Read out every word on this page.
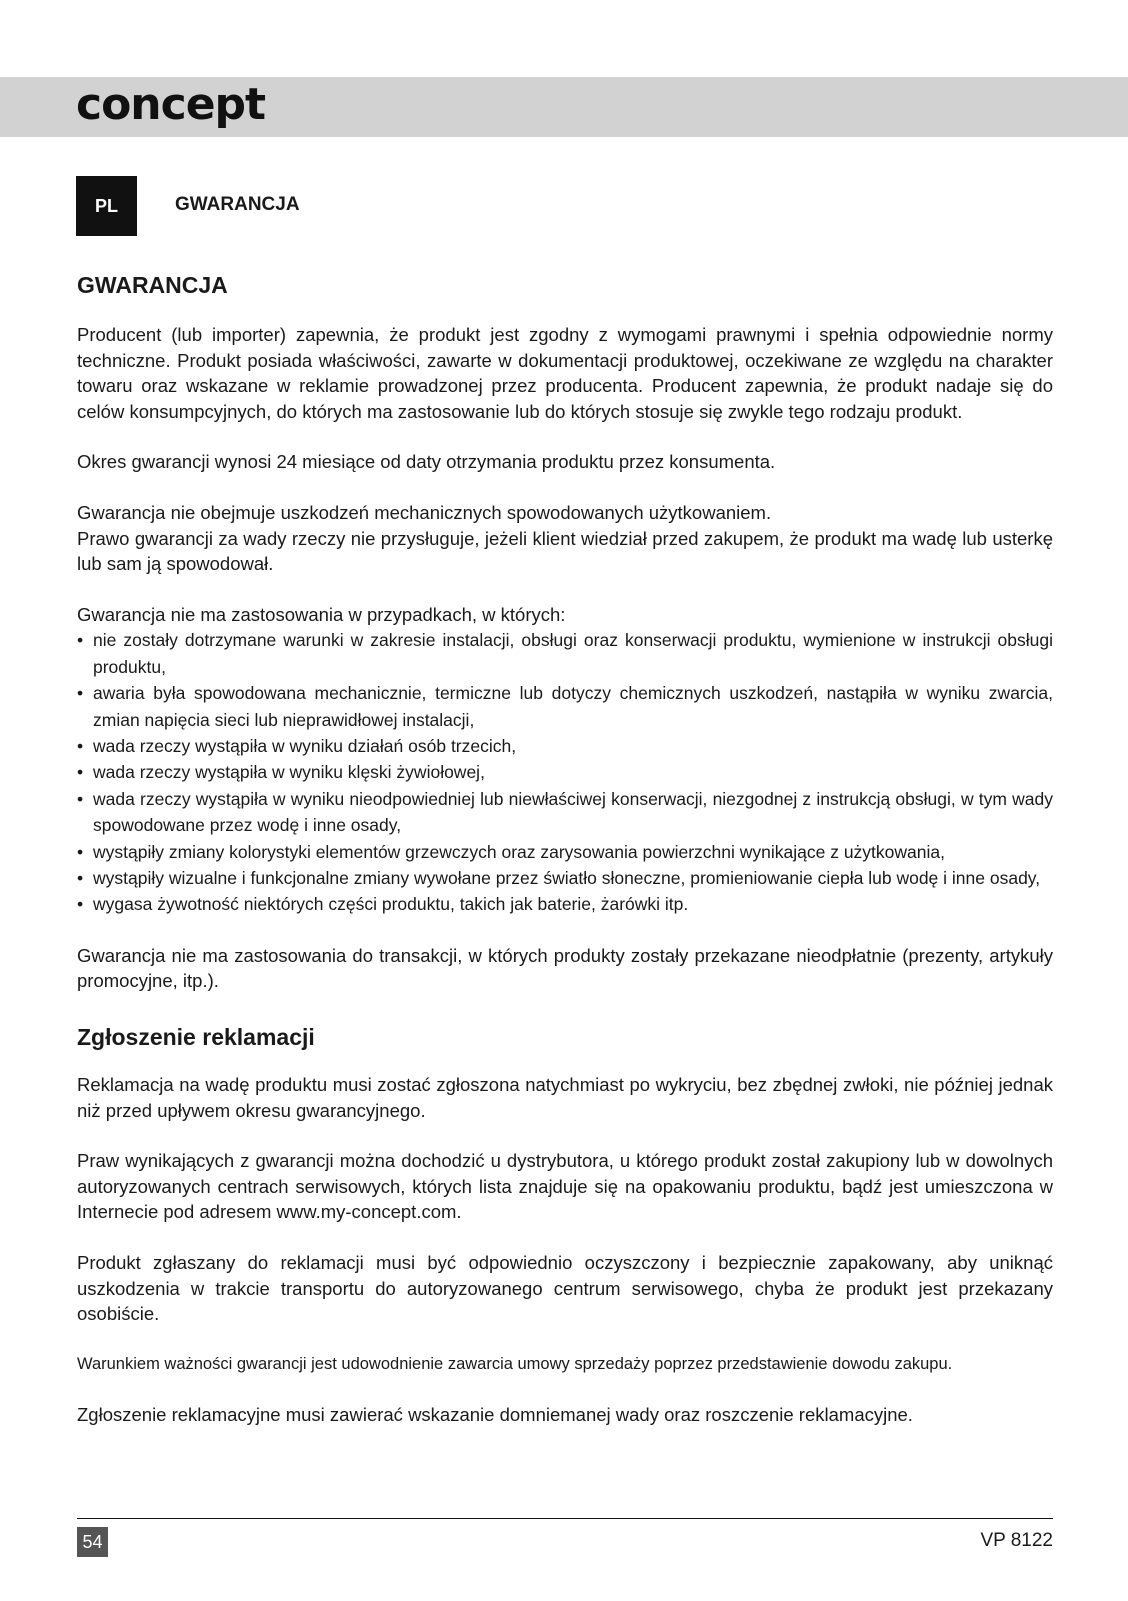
concept
PL	GWARANCJA
GWARANCJA

Producent (lub importer) zapewnia, że produkt jest zgodny z wymogami prawnymi i spełnia odpowiednie normy techniczne. Produkt posiada właściwości, zawarte w dokumentacji produktowej, oczekiwane ze względu na charakter towaru oraz wskazane w reklamie prowadzonej przez producenta. Producent zapewnia, że produkt nadaje się do celów konsumpcyjnych, do których ma zastosowanie lub do których stosuje się zwykle tego rodzaju produkt.

Okres gwarancji wynosi 24 miesiące od daty otrzymania produktu przez konsumenta.

Gwarancja nie obejmuje uszkodzeń mechanicznych spowodowanych użytkowaniem.

Prawo gwarancji za wady rzeczy nie przysługuje, jeżeli klient wiedział przed zakupem, że produkt ma wadę lub usterkę lub sam ją spowodował.

Gwarancja nie ma zastosowania w przypadkach, w których:

• nie zostały dotrzymane warunki w zakresie instalacji, obsługi oraz konserwacji produktu, wymienione w instrukcji obsługi produktu,
• awaria była spowodowana mechanicznie, termiczne lub dotyczy chemicznych uszkodzeń, nastąpiła w wyniku zwarcia, zmian napięcia sieci lub nieprawidłowej instalacji,
• wada rzeczy wystąpiła w wyniku działań osób trzecich,
• wada rzeczy wystąpiła w wyniku klęski żywiołowej,
• wada rzeczy wystąpiła w wyniku nieodpowiedniej lub niewłaściwej konserwacji, niezgodnej z instrukcją obsługi, w tym wady spowodowane przez wodę i inne osady,
• wystąpiły zmiany kolorystyki elementów grzewczych oraz zarysowania powierzchni wynikające z użytkowania,
• wystąpiły wizualne i funkcjonalne zmiany wywołane przez światło słoneczne, promieniowanie ciepła lub wodę i inne osady,
• wygasa żywotność niektórych części produktu, takich jak baterie, żarówki itp.

Gwarancja nie ma zastosowania do transakcji, w których produkty zostały przekazane nieodpłatnie (prezenty, artykuły promocyjne, itp.).

Zgłoszenie reklamacji

Reklamacja na wadę produktu musi zostać zgłoszona natychmiast po wykryciu, bez zbędnej zwłoki, nie później jednak niż przed upływem okresu gwarancyjnego.

Praw wynikających z gwarancji można dochodzić u dystrybutora, u którego produkt został zakupiony lub w dowolnych autoryzowanych centrach serwisowych, których lista znajduje się na opakowaniu produktu, bądź jest umieszczona w Internecie pod adresem www.my-concept.com.

Produkt zgłaszany do reklamacji musi być odpowiednio oczyszczony i bezpiecznie zapakowany, aby uniknąć uszkodzenia w trakcie transportu do autoryzowanego centrum serwisowego, chyba że produkt jest przekazany osobiście.

Warunkiem ważności gwarancji jest udowodnienie zawarcia umowy sprzedaży poprzez przedstawienie dowodu zakupu.

Zgłoszenie reklamacyjne musi zawierać wskazanie domniemanej wady oraz roszczenie reklamacyjne.

54	VP 8122
